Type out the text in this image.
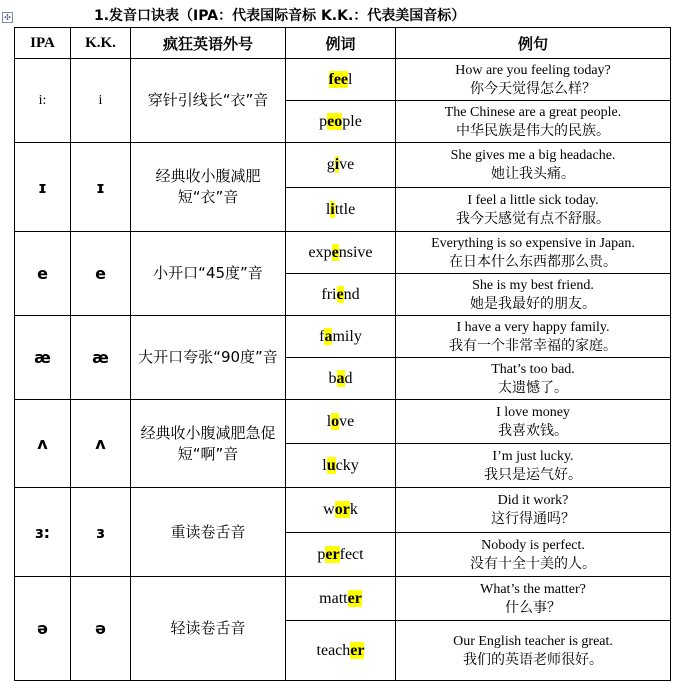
✣	1.发音口诀表（IPA：代表国际音标 K.K.：代表美国音标）
IPA	K.K.	疯狂英语外号	例词	例句
i:	i	穿针引线长“衣”音	feel	How are you feeling today?
你今天觉得怎么样？

			people	The Chinese are a great people.
中华民族是伟大的民族。

ɪ	ɪ	经典收小腹减肥短“衣”音	give	She gives me a big headache.
她让我头痛。

			little	I feel a little sick today.
我今天感觉有点不舒服。

e	e	小开口“45度”音	expensive	Everything is so expensive in Japan.
在日本什么东西都那么贵。

			friend	She is my best friend.
她是我最好的朋友。

æ	æ	大开口夸张“90度”音	family	I have a very happy family.
我有一个非常幸福的家庭。

			bad	That’s too bad.
太遗憾了。

ʌ	ʌ	经典收小腹减肥急促短“啊”音	love	I love money
我喜欢钱。

			lucky	I’m just lucky.
我只是运气好。

ɜ:	ɜ	重读卷舌音	work	Did it work?
这行得通吗？

			perfect	Nobody is perfect.
没有十全十美的人。

ə	ə	轻读卷舌音	matter	What’s the matter?
什么事？

			teacher	Our English teacher is great.
我们的英语老师很好。
